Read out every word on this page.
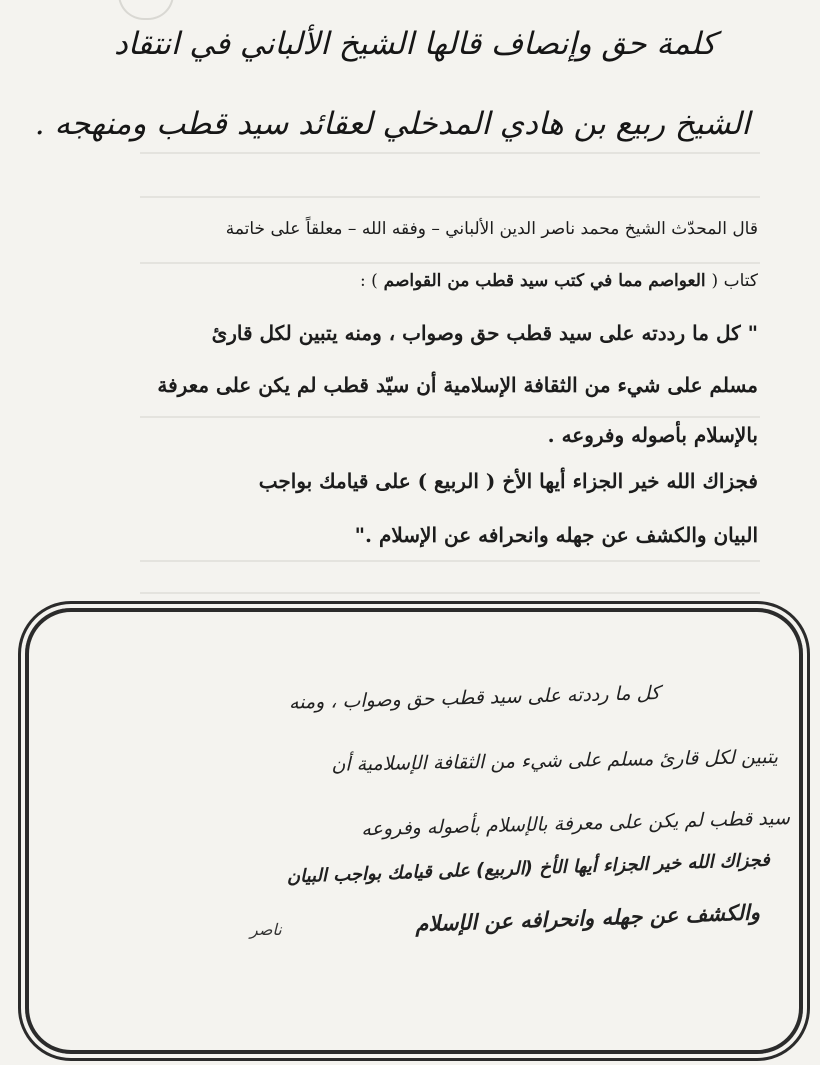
كلمة حق وإنصاف قالها الشيخ الألباني في انتقاد
الشيخ ربيع بن هادي المدخلي لعقائد سيد قطب ومنهجه .
قال المحدّث الشيخ محمد ناصر الدين الألباني – وفقه الله – معلقاً على خاتمة
كتاب ( العواصم مما في كتب سيد قطب من القواصم ) :
" كل ما رددته على سيد قطب حق وصواب ، ومنه يتبين لكل قارئ
مسلم على شيء من الثقافة الإسلامية أن سيّد قطب لم يكن على معرفة
بالإسلام بأصوله وفروعه .
فجزاك الله خير الجزاء أيها الأخ ( الربيع ) على قيامك بواجب
البيان والكشف عن جهله وانحرافه عن الإسلام ."
كل ما رددته على سيد قطب حق وصواب ، ومنه
يتبين لكل قارئ مسلم على شيء من الثقافة الإسلامية أن
سيد قطب لم يكن على معرفة بالإسلام بأصوله وفروعه
فجزاك الله خير الجزاء أيها الأخ (الربيع) على قيامك بواجب البيان
والكشف عن جهله وانحرافه عن الإسلام
ناصر
